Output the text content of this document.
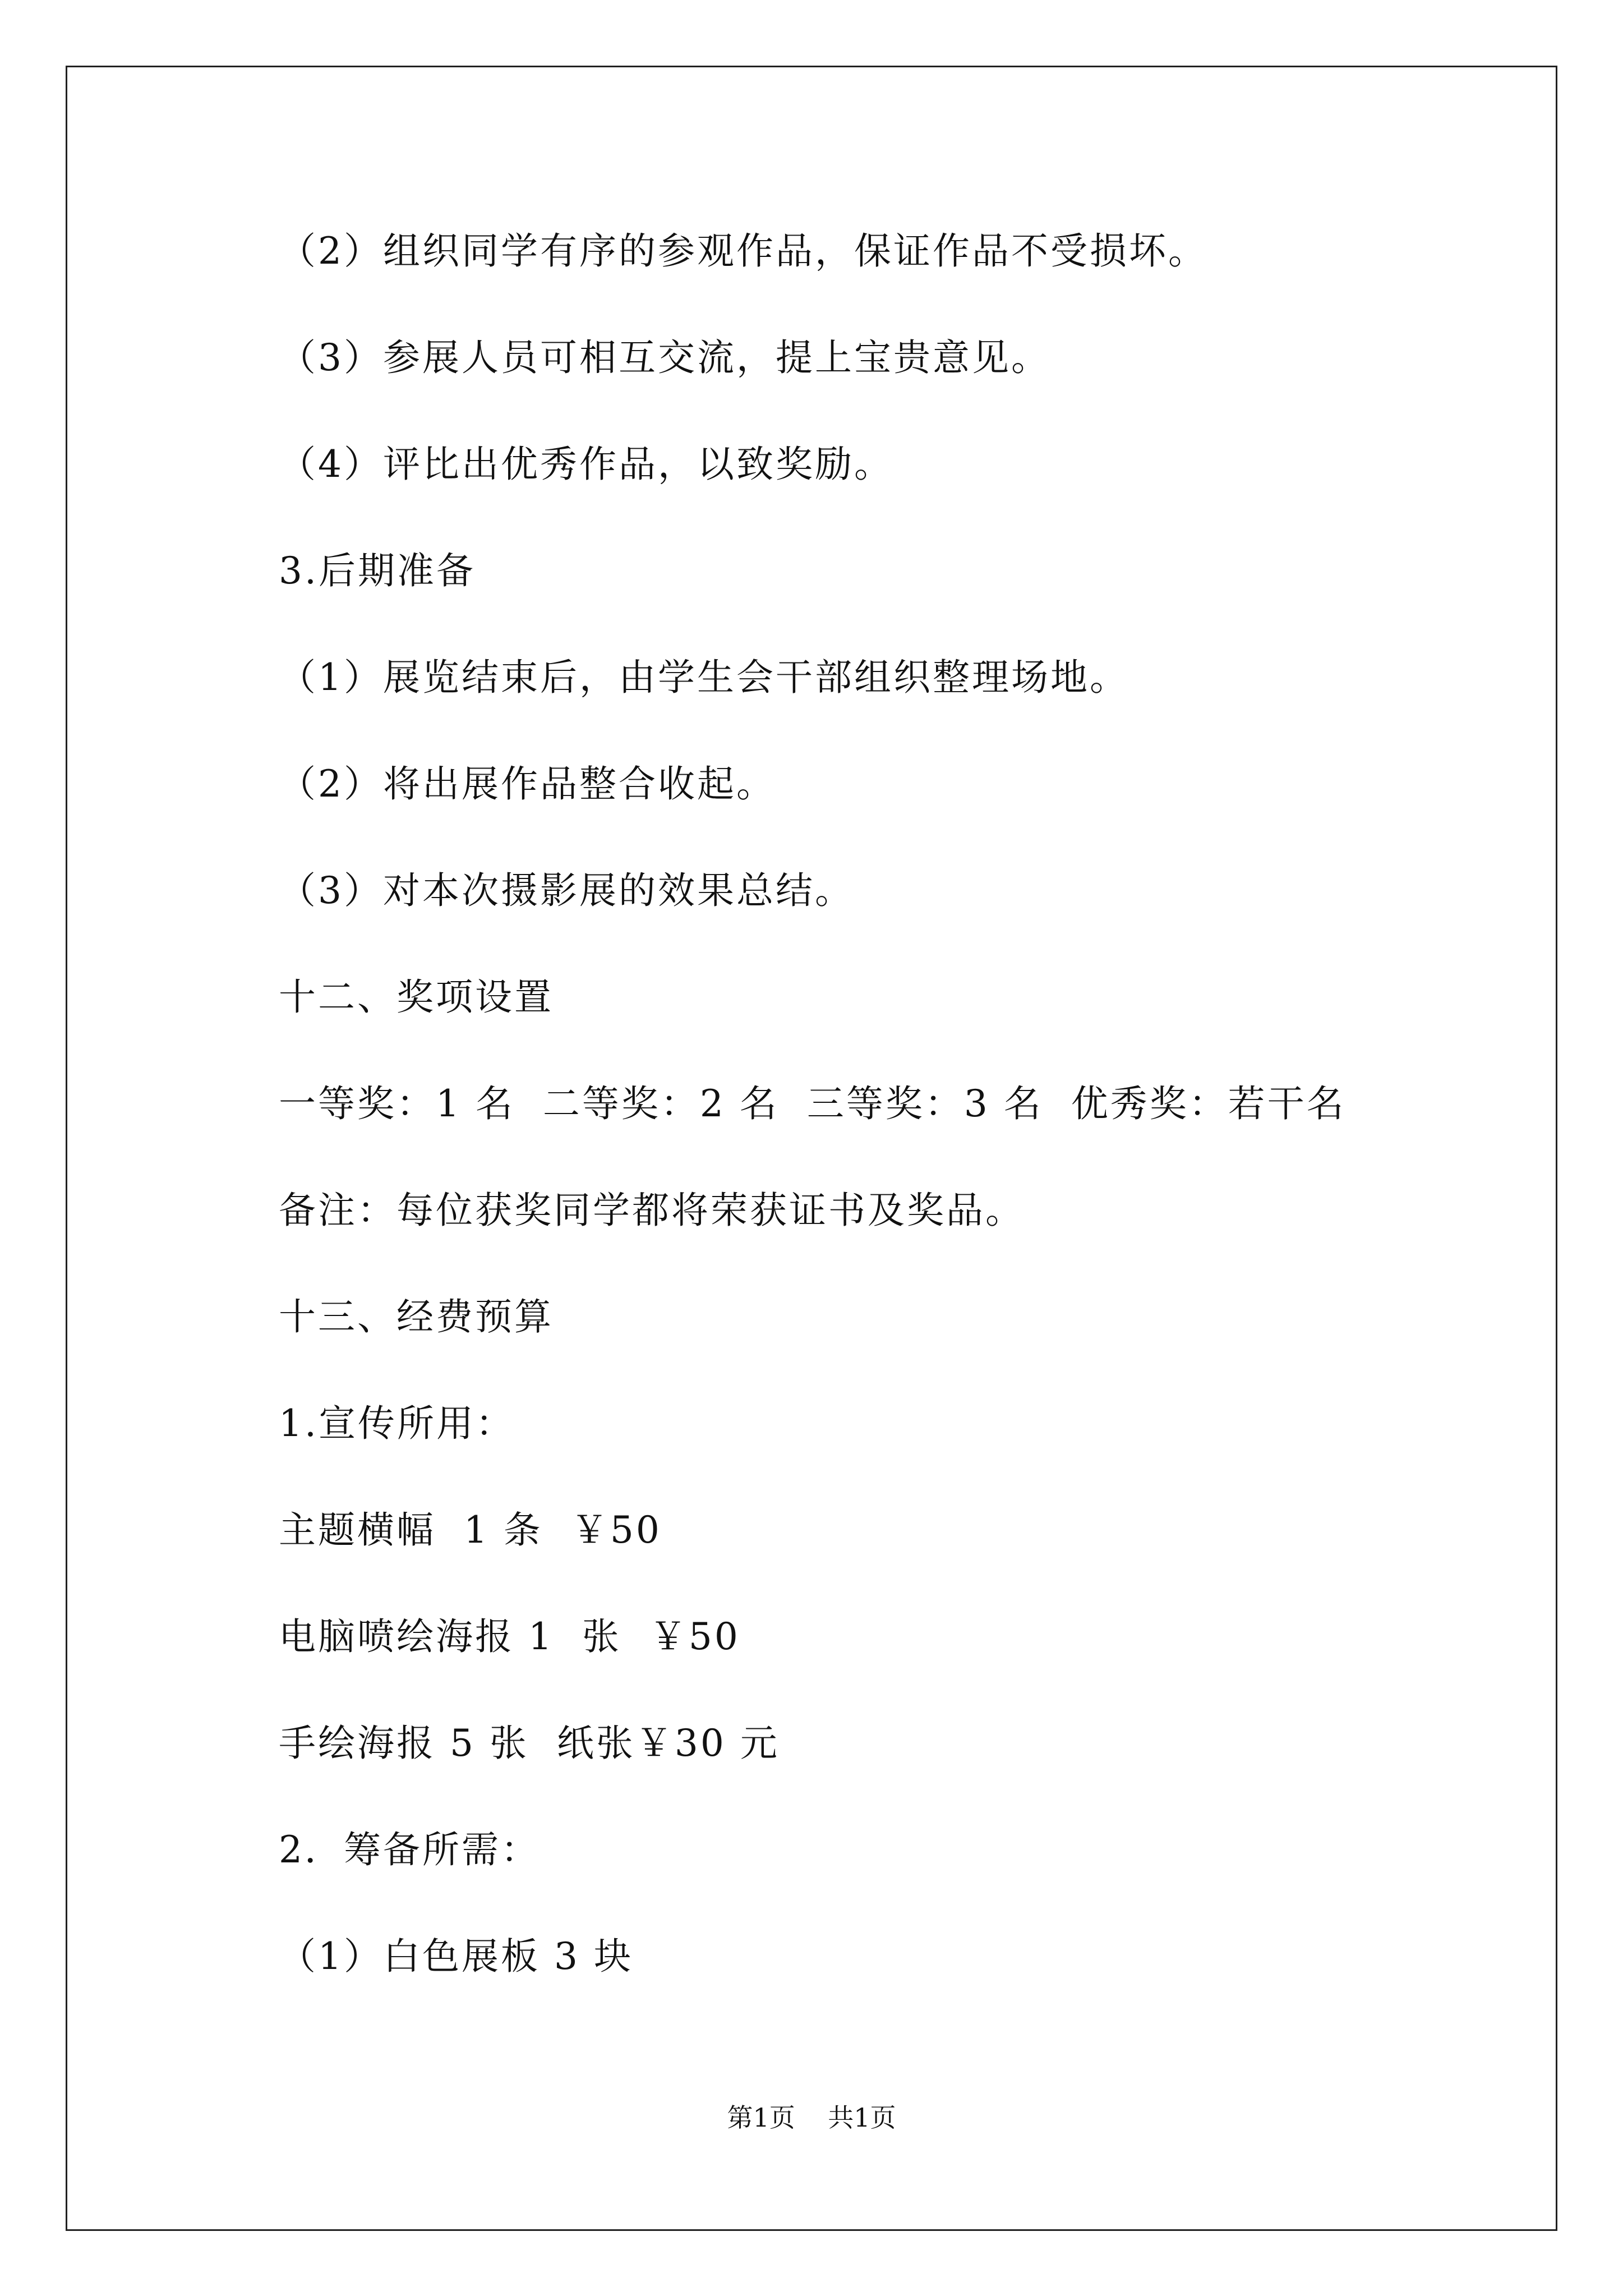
（2）组织同学有序的参观作品，保证作品不受损坏。
（3）参展人员可相互交流，提上宝贵意见。
（4）评比出优秀作品，以致奖励。
3.后期准备
（1）展览结束后，由学生会干部组织整理场地。
（2）将出展作品整合收起。
（3）对本次摄影展的效果总结。
十二、奖项设置
一等奖：1 名  二等奖：2 名  三等奖：3 名  优秀奖：若干名
备注：每位获奖同学都将荣获证书及奖品。
十三、经费预算
1.宣传所用：
主题横幅  1 条  ￥50
电脑喷绘海报 1  张  ￥50
手绘海报 5 张  纸张￥30 元
2．筹备所需：
（1）白色展板 3 块
第1页    共1页
